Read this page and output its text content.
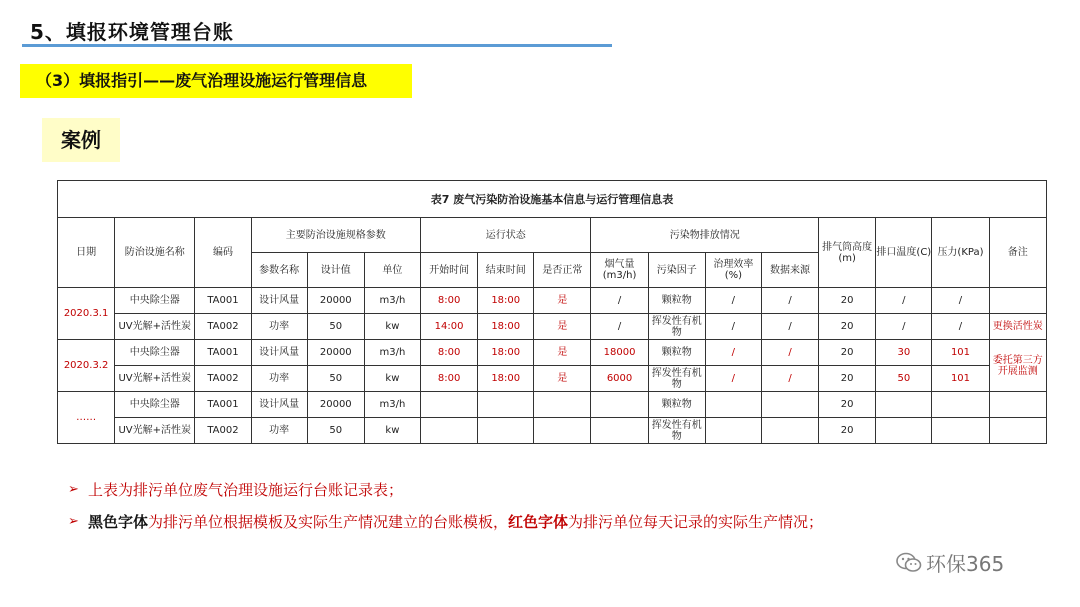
5、填报环境管理台账
（3）填报指引——废气治理设施运行管理信息
案例
表7 废气污染防治设施基本信息与运行管理信息表																
日期	防治设施名称	编码	主要防治设施规格参数			运行状态			污染物排放情况				排气筒高度(m)	排口温度(C)	压力(KPa)	备注
			参数名称	设计值	单位	开始时间	结束时间	是否正常	烟气量(m3/h)	污染因子	治理效率(%)	数据来源				
2020.3.1	中央除尘器	TA001	设计风量	20000	m3/h	8:00	18:00	是	/	颗粒物	/	/	20	/	/	
	UV光解+活性炭	TA002	功率	50	kw	14:00	18:00	是	/	挥发性有机物	/	/	20	/	/	更换活性炭
2020.3.2	中央除尘器	TA001	设计风量	20000	m3/h	8:00	18:00	是	18000	颗粒物	/	/	20	30	101	委托第三方开展监测
	UV光解+活性炭	TA002	功率	50	kw	8:00	18:00	是	6000	挥发性有机物	/	/	20	50	101	
……	中央除尘器	TA001	设计风量	20000	m3/h					颗粒物			20			
	UV光解+活性炭	TA002	功率	50	kw					挥发性有机物			20			
➢ 上表为排污单位废气治理设施运行台账记录表；
➢ 黑色字体为排污单位根据模板及实际生产情况建立的台账模板，红色字体为排污单位每天记录的实际生产情况；
环保365
